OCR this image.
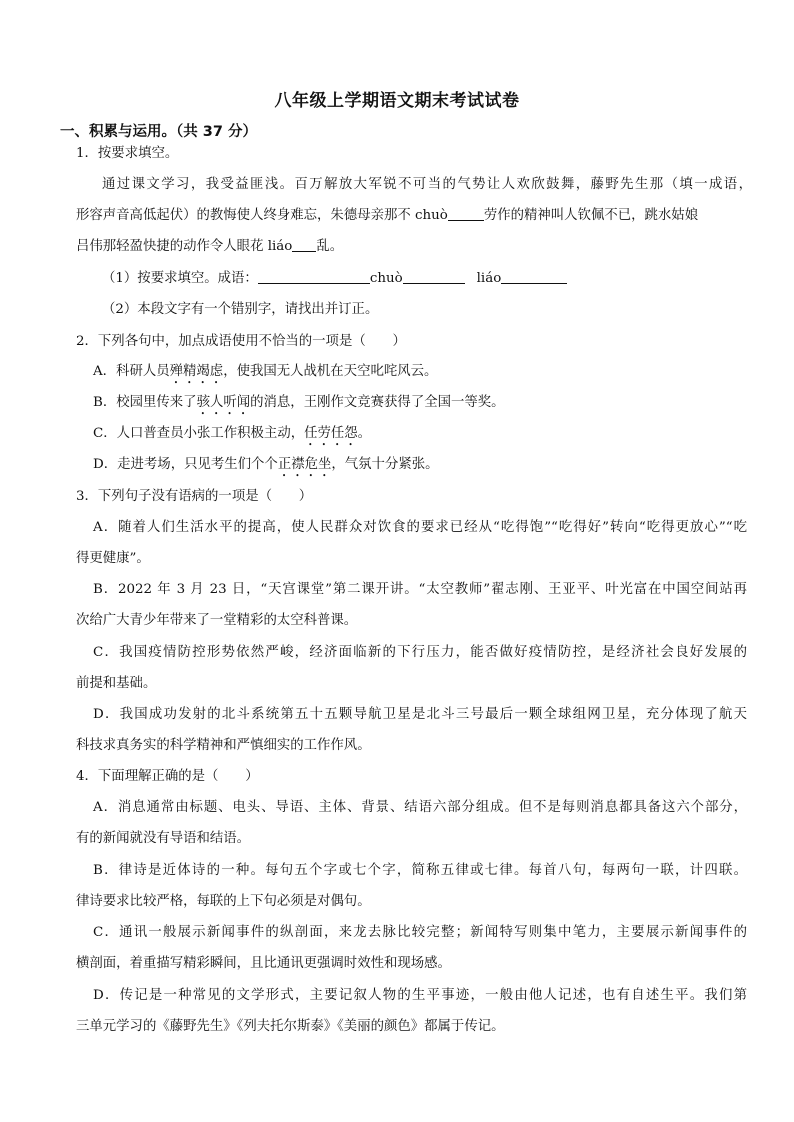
八年级上学期语文期末考试试卷
一、积累与运用。（共 37 分）
1．按要求填空。
通过课文学习，我受益匪浅。百万解放大军锐不可当的气势让人欢欣鼓舞，藤野先生那（填一成语，
形容声音高低起伏）的教悔使人终身难忘，朱德母亲那不 chuò	劳作的精神叫人钦佩不已，跳水姑娘
吕伟那轻盈快捷的动作令人眼花 liáo 乱。
（1）按要求填空。成语：	chuò	liáo
（2）本段文字有一个错别字，请找出并订正。
2．下列各句中，加点成语使用不恰当的一项是（　　）
A．科研人员殚精竭虑，使我国无人战机在天空叱咤风云。
B．校园里传来了骇人听闻的消息，王刚作文竞赛获得了全国一等奖。
C．人口普查员小张工作积极主动，任劳任怨。
D．走进考场，只见考生们个个正襟危坐，气氛十分紧张。
3．下列句子没有语病的一项是（　　）
A．随着人们生活水平的提高，使人民群众对饮食的要求已经从“吃得饱”“吃得好”转向“吃得更放心”“吃
得更健康”。
B．2022 年 3 月 23 日，“天宫课堂”第二课开讲。“太空教师”翟志刚、王亚平、叶光富在中国空间站再
次给广大青少年带来了一堂精彩的太空科普课。
C．我国疫情防控形势依然严峻，经济面临新的下行压力，能否做好疫情防控，是经济社会良好发展的
前提和基础。
D．我国成功发射的北斗系统第五十五颗导航卫星是北斗三号最后一颗全球组网卫星，充分体现了航天
科技求真务实的科学精神和严慎细实的工作作风。
4．下面理解正确的是（　　）
A．消息通常由标题、电头、导语、主体、背景、结语六部分组成。但不是每则消息都具备这六个部分，
有的新闻就没有导语和结语。
B．律诗是近体诗的一种。每句五个字或七个字，简称五律或七律。每首八句，每两句一联，计四联。
律诗要求比较严格，每联的上下句必须是对偶句。
C．通讯一般展示新闻事件的纵剖面，来龙去脉比较完整；新闻特写则集中笔力，主要展示新闻事件的
横剖面，着重描写精彩瞬间，且比通讯更强调时效性和现场感。
D．传记是一种常见的文学形式，主要记叙人物的生平事迹，一般由他人记述，也有自述生平。我们第
三单元学习的《藤野先生》《列夫托尔斯泰》《美丽的颜色》都属于传记。
